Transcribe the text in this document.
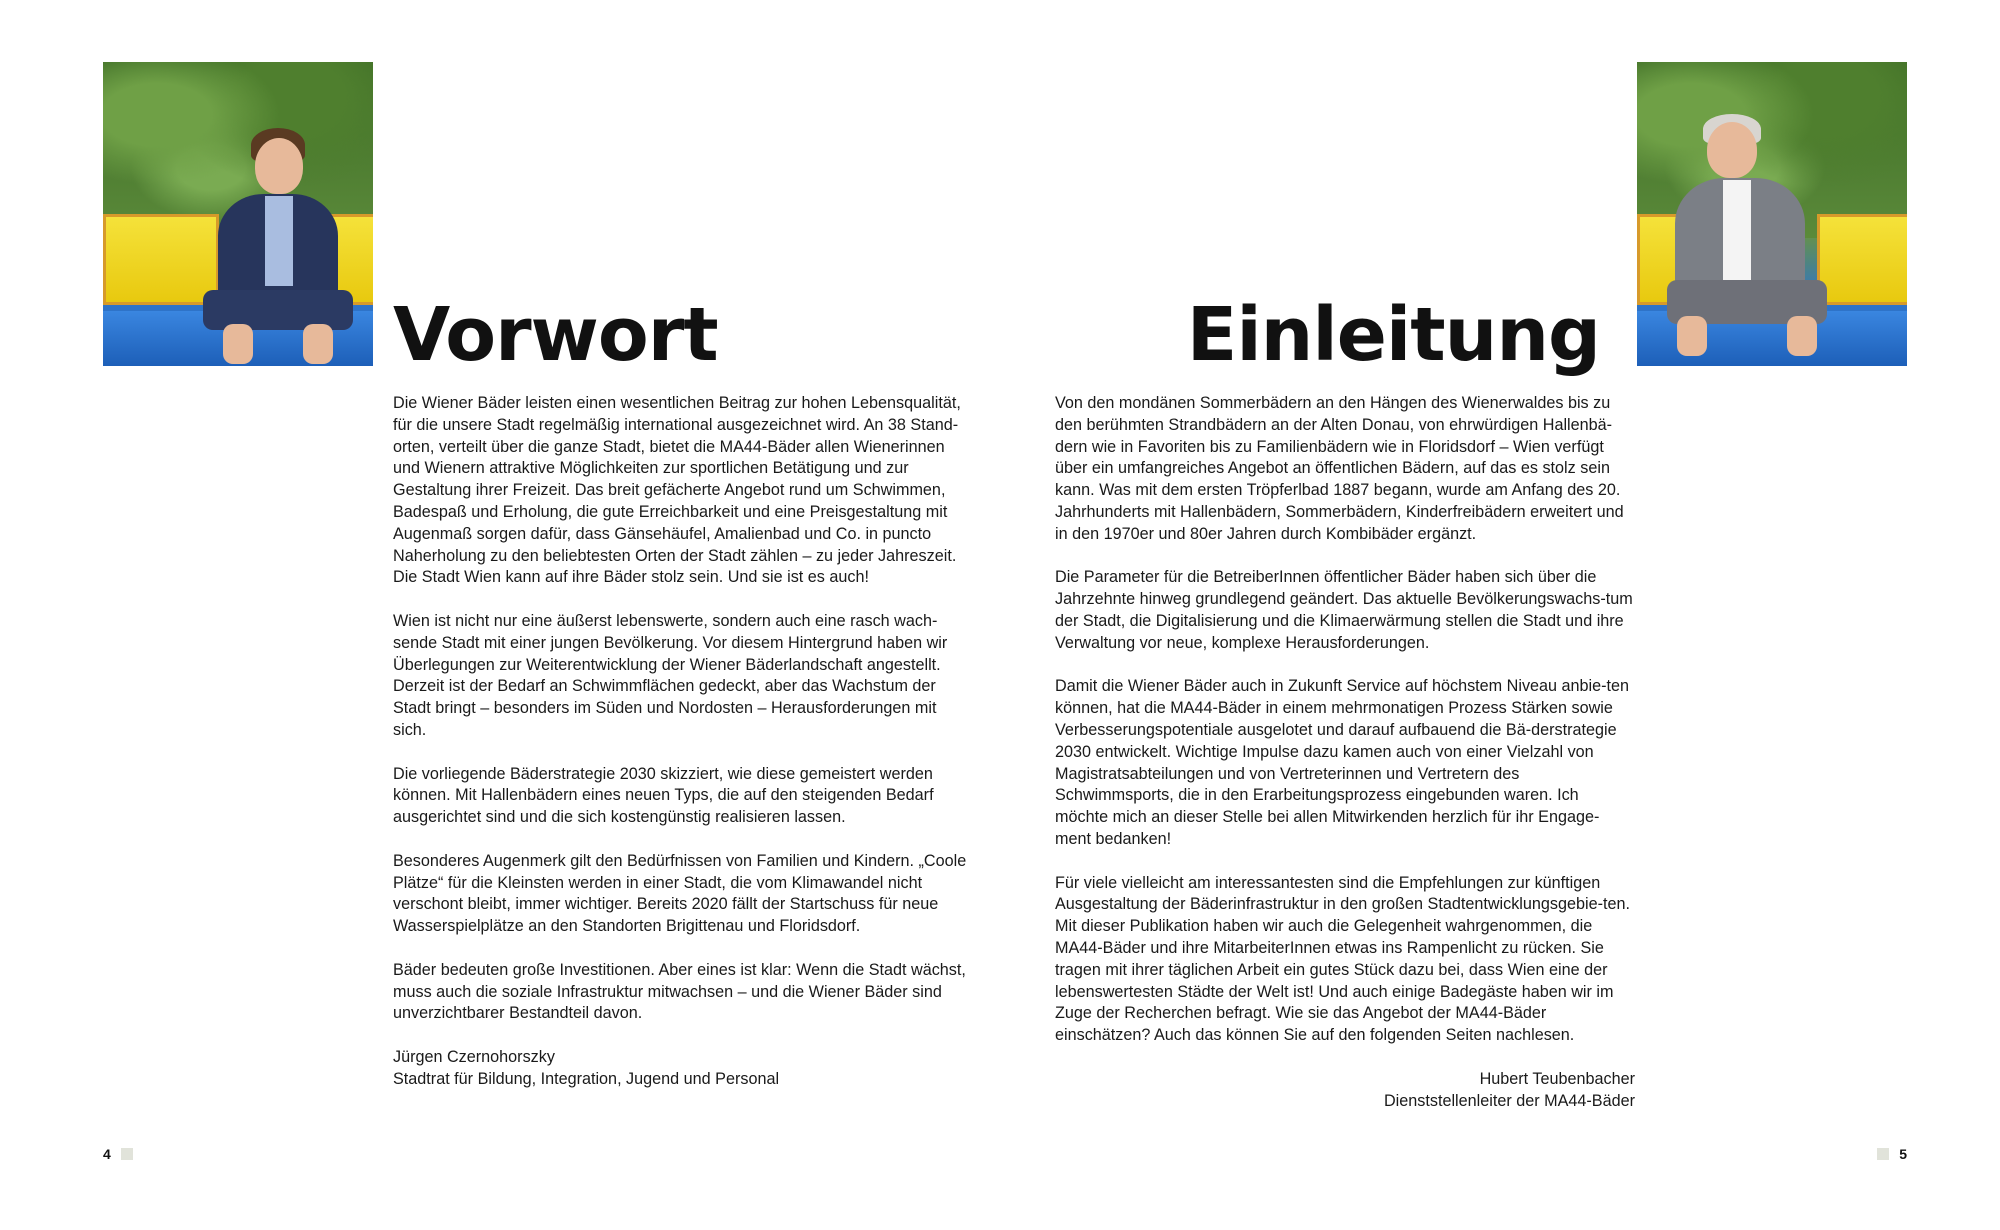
Vorwort

Die Wiener Bäder leisten einen wesentlichen Beitrag zur hohen Lebensqualität, für die unsere Stadt regelmäßig international ausgezeichnet wird. An 38 Stand-orten, verteilt über die ganze Stadt, bietet die MA44-Bäder allen Wienerinnen und Wienern attraktive Möglichkeiten zur sportlichen Betätigung und zur Gestaltung ihrer Freizeit. Das breit gefächerte Angebot rund um Schwimmen, Badespaß und Erholung, die gute Erreichbarkeit und eine Preisgestaltung mit Augenmaß sorgen dafür, dass Gänsehäufel, Amalienbad und Co. in puncto Naherholung zu den beliebtesten Orten der Stadt zählen – zu jeder Jahreszeit. Die Stadt Wien kann auf ihre Bäder stolz sein. Und sie ist es auch!

Wien ist nicht nur eine äußerst lebenswerte, sondern auch eine rasch wach-sende Stadt mit einer jungen Bevölkerung. Vor diesem Hintergrund haben wir Überlegungen zur Weiterentwicklung der Wiener Bäderlandschaft angestellt. Derzeit ist der Bedarf an Schwimmflächen gedeckt, aber das Wachstum der Stadt bringt – besonders im Süden und Nordosten – Herausforderungen mit sich.

Die vorliegende Bäderstrategie 2030 skizziert, wie diese gemeistert werden können. Mit Hallenbädern eines neuen Typs, die auf den steigenden Bedarf ausgerichtet sind und die sich kostengünstig realisieren lassen.

Besonderes Augenmerk gilt den Bedürfnissen von Familien und Kindern. „Coole Plätze“ für die Kleinsten werden in einer Stadt, die vom Klimawandel nicht verschont bleibt, immer wichtiger. Bereits 2020 fällt der Startschuss für neue Wasserspielplätze an den Standorten Brigittenau und Floridsdorf.

Bäder bedeuten große Investitionen. Aber eines ist klar: Wenn die Stadt wächst, muss auch die soziale Infrastruktur mitwachsen – und die Wiener Bäder sind unverzichtbarer Bestandteil davon.

Jürgen Czernohorszky
Stadtrat für Bildung, Integration, Jugend und Personal
4
Einleitung

Von den mondänen Sommerbädern an den Hängen des Wienerwaldes bis zu den berühmten Strandbädern an der Alten Donau, von ehrwürdigen Hallenbä-dern wie in Favoriten bis zu Familienbädern wie in Floridsdorf – Wien verfügt über ein umfangreiches Angebot an öffentlichen Bädern, auf das es stolz sein kann. Was mit dem ersten Tröpferlbad 1887 begann, wurde am Anfang des 20. Jahrhunderts mit Hallenbädern, Sommerbädern, Kinderfreibädern erweitert und in den 1970er und 80er Jahren durch Kombibäder ergänzt.

Die Parameter für die BetreiberInnen öffentlicher Bäder haben sich über die Jahrzehnte hinweg grundlegend geändert. Das aktuelle Bevölkerungswachs-tum der Stadt, die Digitalisierung und die Klimaerwärmung stellen die Stadt und ihre Verwaltung vor neue, komplexe Herausforderungen.

Damit die Wiener Bäder auch in Zukunft Service auf höchstem Niveau anbie-ten können, hat die MA44-Bäder in einem mehrmonatigen Prozess Stärken sowie Verbesserungspotentiale ausgelotet und darauf aufbauend die Bä-derstrategie 2030 entwickelt. Wichtige Impulse dazu kamen auch von einer Vielzahl von Magistratsabteilungen und von Vertreterinnen und Vertretern des Schwimmsports, die in den Erarbeitungsprozess eingebunden waren. Ich möchte mich an dieser Stelle bei allen Mitwirkenden herzlich für ihr Engage-ment bedanken!

Für viele vielleicht am interessantesten sind die Empfehlungen zur künftigen Ausgestaltung der Bäderinfrastruktur in den großen Stadtentwicklungsgebie-ten. Mit dieser Publikation haben wir auch die Gelegenheit wahrgenommen, die MA44-Bäder und ihre MitarbeiterInnen etwas ins Rampenlicht zu rücken. Sie tragen mit ihrer täglichen Arbeit ein gutes Stück dazu bei, dass Wien eine der lebenswertesten Städte der Welt ist! Und auch einige Badegäste haben wir im Zuge der Recherchen befragt. Wie sie das Angebot der MA44-Bäder einschätzen? Auch das können Sie auf den folgenden Seiten nachlesen.

Hubert Teubenbacher
Dienststellenleiter der MA44-Bäder
5
